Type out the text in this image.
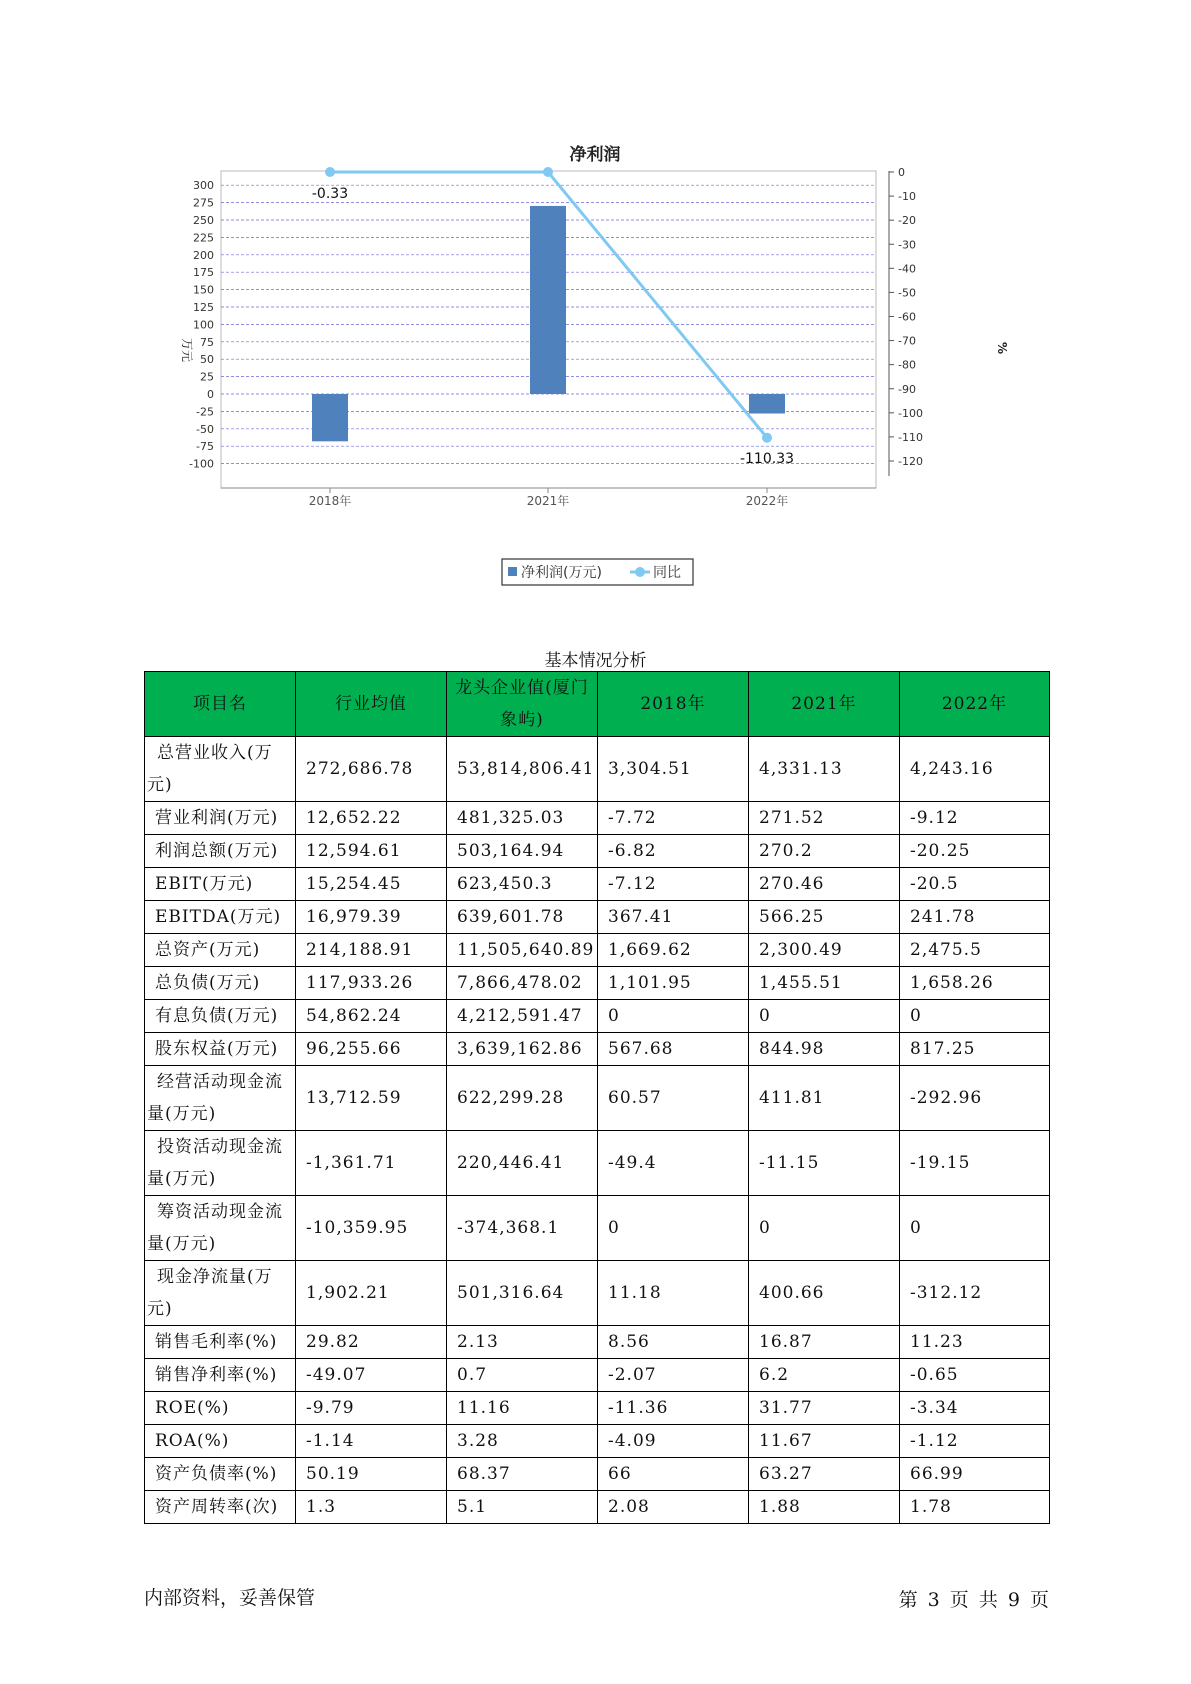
净利润
300
275
250
225
200
175
150
125
100
75
50
25
0
-25
-50
-75
-100
0
-10
-20
-30
-40
-50
-60
-70
-80
-90
-100
-110
-120
2018年	2021年	2022年
-0.33
-110.33
万元	%
净利润(万元)	同比
基本情况分析
项目名	行业均值	龙头企业值(厦门象屿)	2018年	2021年	2022年
总营业收入(万元)	272,686.78	53,814,806.41	3,304.51	4,331.13	4,243.16
营业利润(万元)	12,652.22	481,325.03	-7.72	271.52	-9.12
利润总额(万元)	12,594.61	503,164.94	-6.82	270.2	-20.25
EBIT(万元)	15,254.45	623,450.3	-7.12	270.46	-20.5
EBITDA(万元)	16,979.39	639,601.78	367.41	566.25	241.78
总资产(万元)	214,188.91	11,505,640.89	1,669.62	2,300.49	2,475.5
总负债(万元)	117,933.26	7,866,478.02	1,101.95	1,455.51	1,658.26
有息负债(万元)	54,862.24	4,212,591.47	0	0	0
股东权益(万元)	96,255.66	3,639,162.86	567.68	844.98	817.25
经营活动现金流量(万元)	13,712.59	622,299.28	60.57	411.81	-292.96
投资活动现金流量(万元)	-1,361.71	220,446.41	-49.4	-11.15	-19.15
筹资活动现金流量(万元)	-10,359.95	-374,368.1	0	0	0
现金净流量(万元)	1,902.21	501,316.64	11.18	400.66	-312.12
销售毛利率(%)	29.82	2.13	8.56	16.87	11.23
销售净利率(%)	-49.07	0.7	-2.07	6.2	-0.65
ROE(%)	-9.79	11.16	-11.36	31.77	-3.34
ROA(%)	-1.14	3.28	-4.09	11.67	-1.12
资产负债率(%)	50.19	68.37	66	63.27	66.99
资产周转率(次)	1.3	5.1	2.08	1.88	1.78
内部资料，妥善保管	第 3 页 共 9 页
